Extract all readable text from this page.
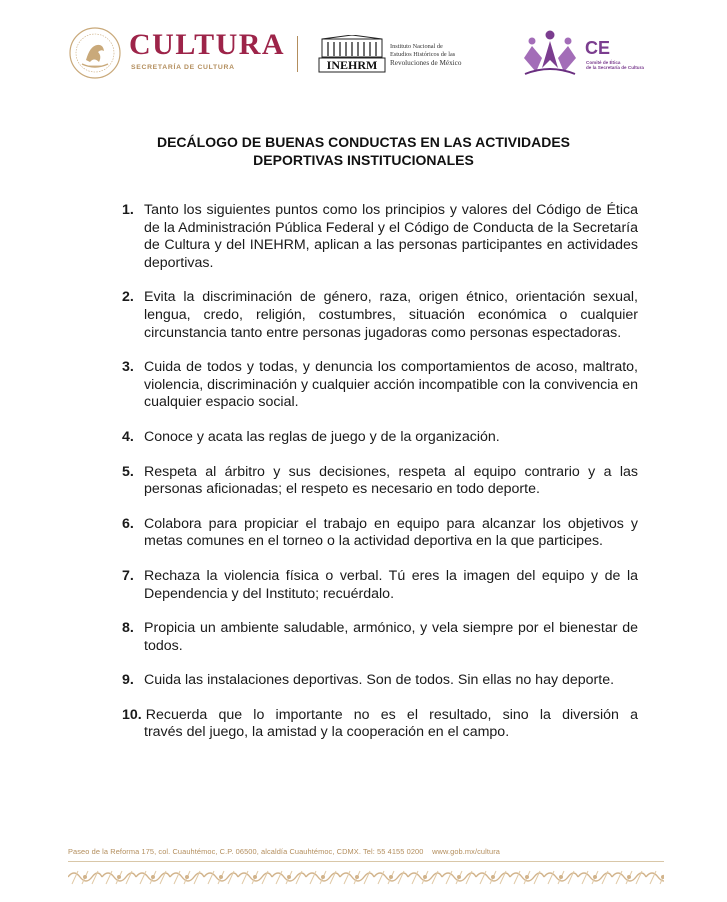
CULTURA
SECRETARÍA DE CULTURA	INEHRM
Instituto Nacional de
Estudios Históricos de las
Revoluciones de México
CE
Comité de Ética
de la Secretaría de Cultura
DECÁLOGO DE BUENAS CONDUCTAS EN LAS ACTIVIDADES
DEPORTIVAS INSTITUCIONALES
1. Tanto los siguientes puntos como los principios y valores del Código de Ética de la Administración Pública Federal y el Código de Conducta de la Secretaría de Cultura y del INEHRM, aplican a las personas participantes en actividades deportivas.
2. Evita la discriminación de género, raza, origen étnico, orientación sexual, lengua, credo, religión, costumbres, situación económica o cualquier circunstancia tanto entre personas jugadoras como personas espectadoras.
3. Cuida de todos y todas, y denuncia los comportamientos de acoso, maltrato, violencia, discriminación y cualquier acción incompatible con la convivencia en cualquier espacio social.
4. Conoce y acata las reglas de juego y de la organización.
5. Respeta al árbitro y sus decisiones, respeta al equipo contrario y a las personas aficionadas; el respeto es necesario en todo deporte.
6. Colabora para propiciar el trabajo en equipo para alcanzar los objetivos y metas comunes en el torneo o la actividad deportiva en la que participes.
7. Rechaza la violencia física o verbal. Tú eres la imagen del equipo y de la Dependencia y del Instituto; recuérdalo.
8. Propicia un ambiente saludable, armónico, y vela siempre por el bienestar de todos.
9. Cuida las instalaciones deportivas. Son de todos. Sin ellas no hay deporte.
10. Recuerda que lo importante no es el resultado, sino la diversión a
través del juego, la amistad y la cooperación en el campo.
Paseo de la Reforma 175, col. Cuauhtémoc, C.P. 06500, alcaldía Cuauhtémoc, CDMX. Tel: 55 4155 0200 www.gob.mx/cultura
